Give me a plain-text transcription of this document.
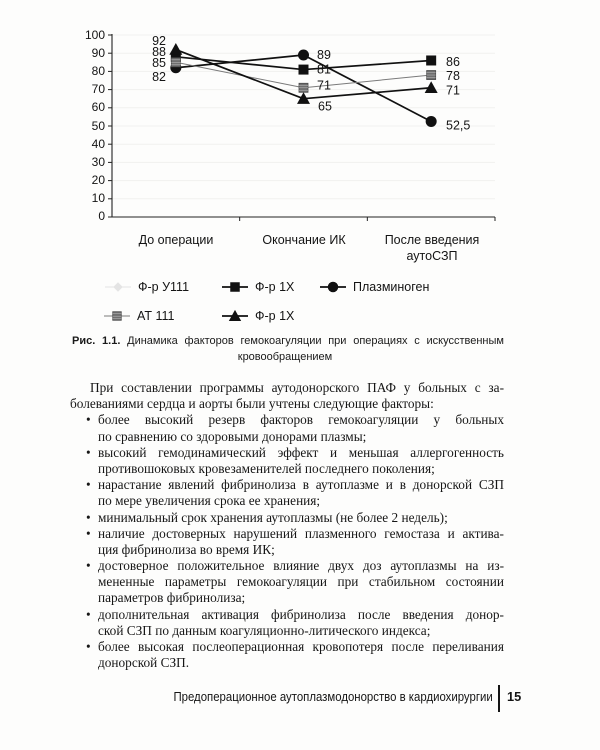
88
81
86
82
89
52,5
85
71
78
92
65
71
100
90
80
70
60
50
40
30
20
10
0
До операции	Окончание ИК	После введения аутоСЗП
Ф-р У111	Ф-р 1Х	Плазминоген
АТ 111	Ф-р 1Х
Рис. 1.1. Динамика факторов гемокоагуляции при операциях с искусственным
кровообращением
При составлении программы аутодонорского ПАФ у больных с за-
болеваниями сердца и аорты были учтены следующие факторы:
• более высокий резерв факторов гемокоагуляции у больных
по сравнению со здоровыми донорами плазмы;
• высокий гемодинамический эффект и меньшая аллергогенность
противошоковых кровезаменителей последнего поколения;
• нарастание явлений фибринолиза в аутоплазме и в донорской СЗП
по мере увеличения срока ее хранения;
• минимальный срок хранения аутоплазмы (не более 2 недель);
• наличие достоверных нарушений плазменного гемостаза и актива-
ция фибринолиза во время ИК;
• достоверное положительное влияние двух доз аутоплазмы на из-
мененные параметры гемокоагуляции при стабильном состоянии
параметров фибринолиза;
• дополнительная активация фибринолиза после введения донор-
ской СЗП по данным коагуляционно-литического индекса;
• более высокая послеоперационная кровопотеря после переливания
донорской СЗП.
Предоперационное аутоплазмодонорство в кардиохирургии 15
